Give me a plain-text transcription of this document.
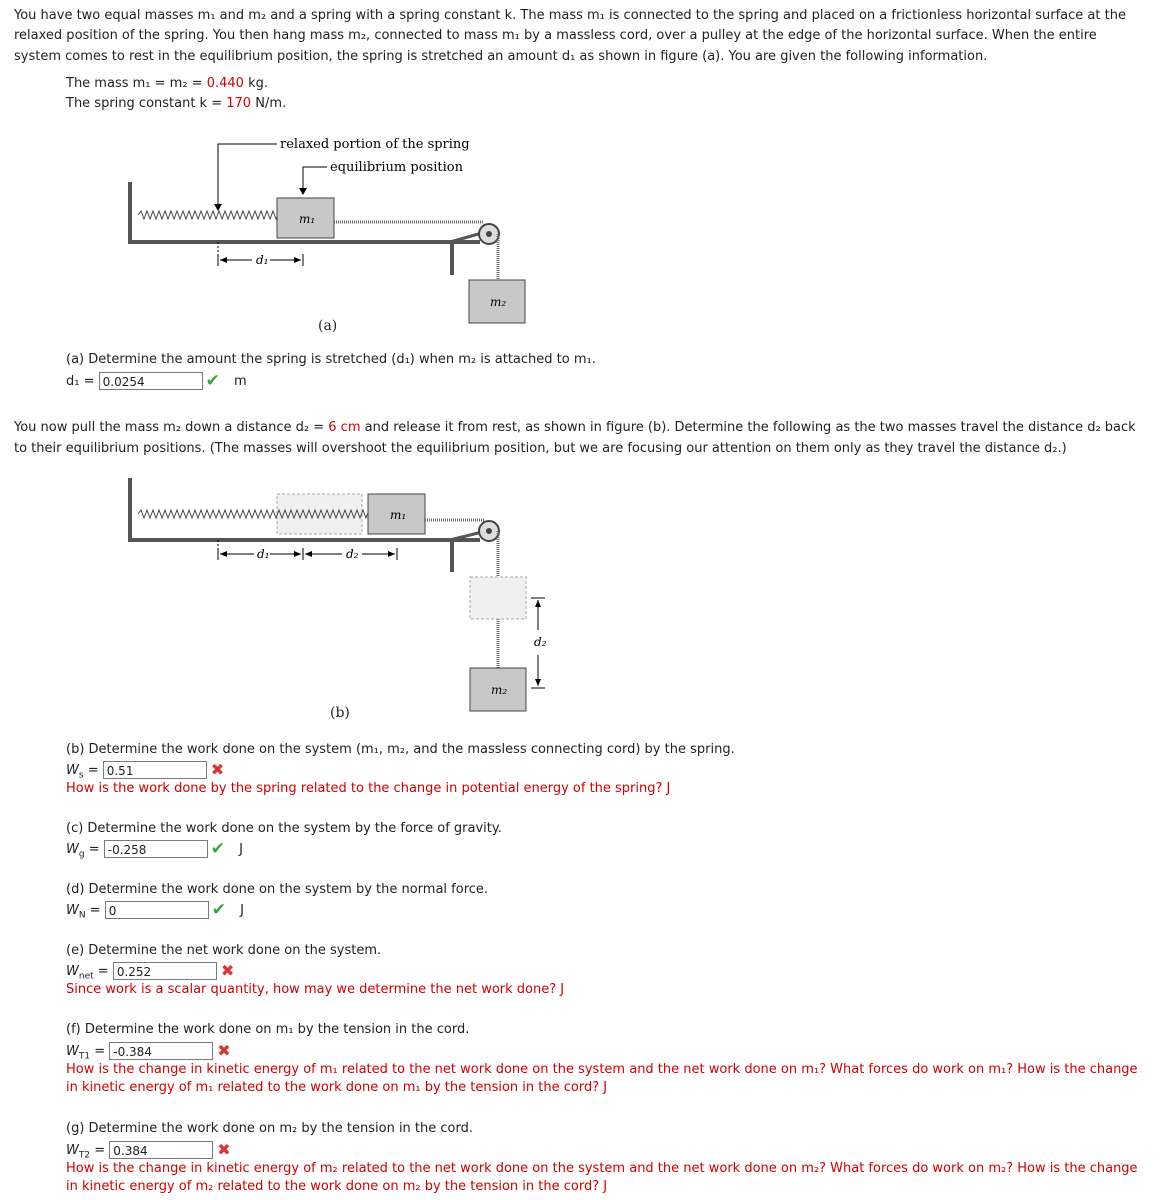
You have two equal masses m₁ and m₂ and a spring with a spring constant k. The mass m₁ is connected to the spring and placed on a frictionless horizontal surface at the

relaxed position of the spring. You then hang mass m₂, connected to mass m₁ by a massless cord, over a pulley at the edge of the horizontal surface. When the entire

system comes to rest in the equilibrium position, the spring is stretched an amount d₁ as shown in figure (a). You are given the following information.

The mass m₁ = m₂ = 0.440 kg.

The spring constant k = 170 N/m.

m₁
m₂
relaxed portion of the spring
equilibrium position
d₁
(a)

(a) Determine the amount the spring is stretched (d₁) when m₂ is attached to m₁.

d₁ = 0.0254	✔ m

You now pull the mass m₂ down a distance d₂ = 6 cm and release it from rest, as shown in figure (b). Determine the following as the two masses travel the distance d₂ back

to their equilibrium positions. (The masses will overshoot the equilibrium position, but we are focusing our attention on them only as they travel the distance d₂.)

m₁
m₂
d₁	d₂
d₂
(b)

(b) Determine the work done on the system (m₁, m₂, and the massless connecting cord) by the spring.

$W_s = 0.51$	✖

How is the work done by the spring related to the change in potential energy of the spring? J

(c) Determine the work done on the system by the force of gravity.

$W_g = -0.258$	✔ J

(d) Determine the work done on the system by the normal force.

$W_N = 0$	✔ J

(e) Determine the net work done on the system.

$W_{net} = 0.252$	✖

Since work is a scalar quantity, how may we determine the net work done? J

(f) Determine the work done on m₁ by the tension in the cord.

$W_{T1} = -0.384$	✖

How is the change in kinetic energy of m₁ related to the net work done on the system and the net work done on m₁? What forces do work on m₁? How is the change

in kinetic energy of m₁ related to the work done on m₁ by the tension in the cord? J

(g) Determine the work done on m₂ by the tension in the cord.

$W_{T2} = 0.384$	✖

How is the change in kinetic energy of m₂ related to the net work done on the system and the net work done on m₂? What forces do work on m₂? How is the change

in kinetic energy of m₂ related to the work done on m₂ by the tension in the cord? J
